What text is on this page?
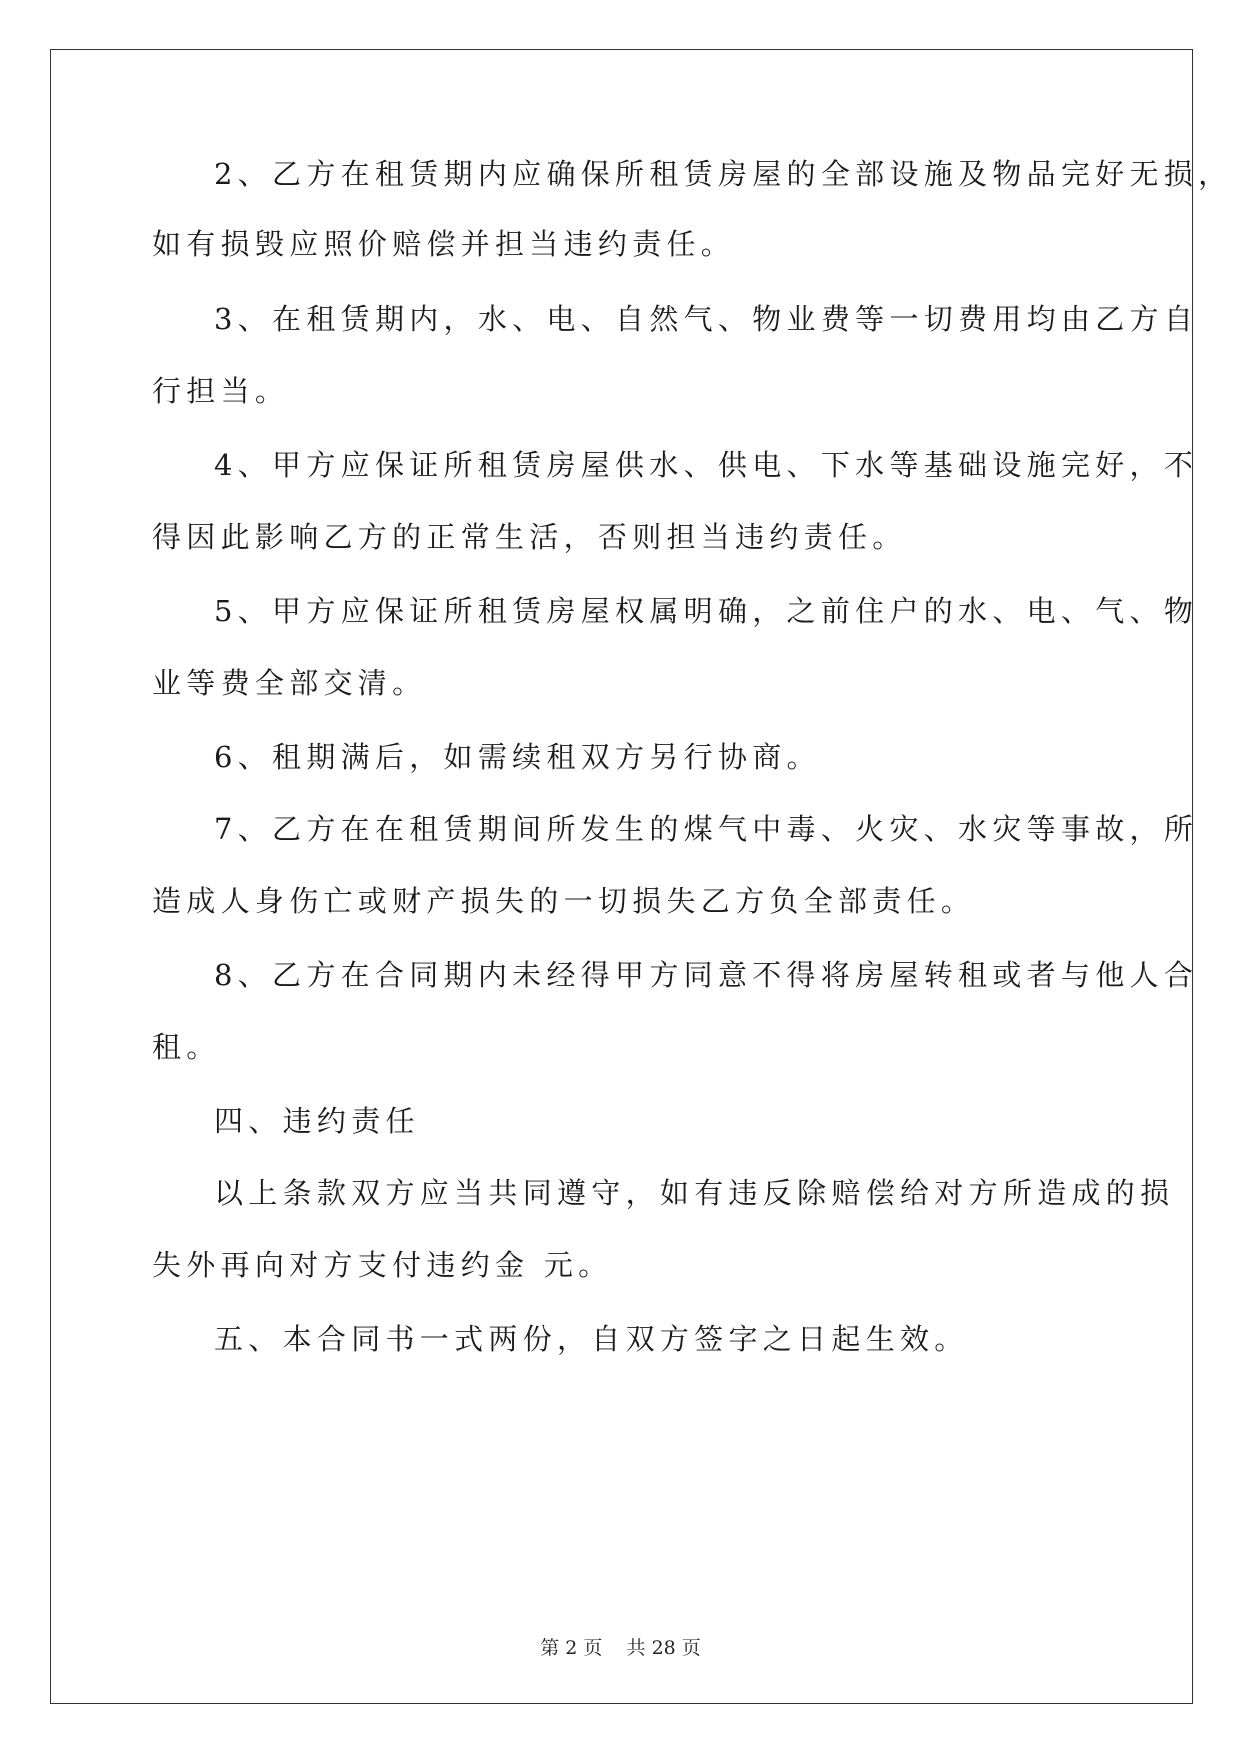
2、乙方在租赁期内应确保所租赁房屋的全部设施及物品完好无损，
如有损毁应照价赔偿并担当违约责任。
3、在租赁期内，水、电、自然气、物业费等一切费用均由乙方自
行担当。
4、甲方应保证所租赁房屋供水、供电、下水等基础设施完好，不
得因此影响乙方的正常生活，否则担当违约责任。
5、甲方应保证所租赁房屋权属明确，之前住户的水、电、气、物
业等费全部交清。
6、租期满后，如需续租双方另行协商。
7、乙方在在租赁期间所发生的煤气中毒、火灾、水灾等事故，所
造成人身伤亡或财产损失的一切损失乙方负全部责任。
8、乙方在合同期内未经得甲方同意不得将房屋转租或者与他人合
租。
四、违约责任
以上条款双方应当共同遵守，如有违反除赔偿给对方所造成的损
失外再向对方支付违约金 元。
五、本合同书一式两份，自双方签字之日起生效。
第 2 页    共 28 页
